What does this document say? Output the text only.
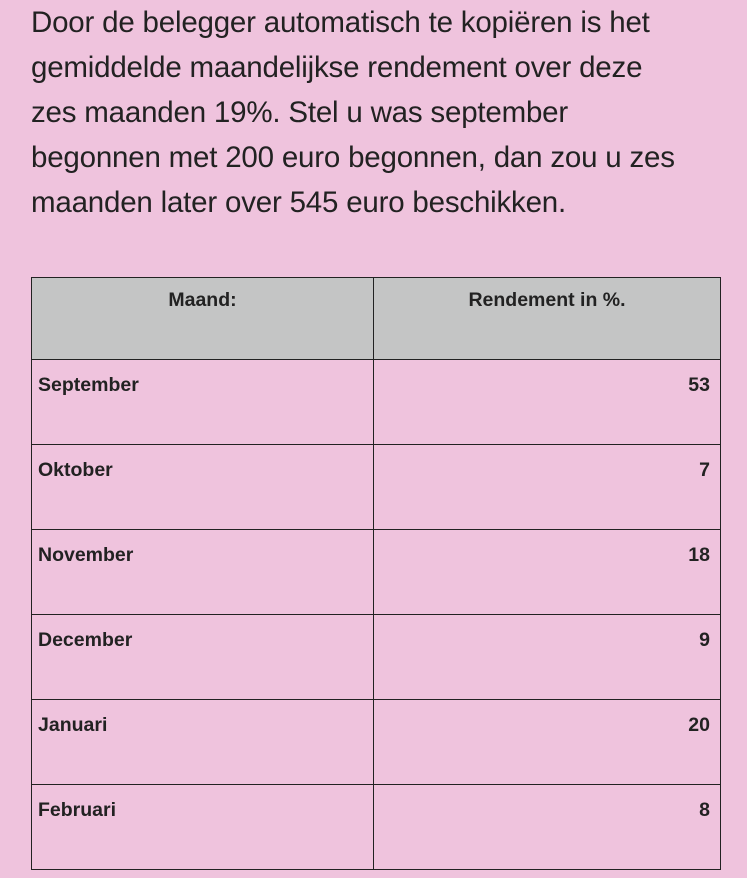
Door de belegger automatisch te kopiëren is het
gemiddelde maandelijkse rendement over deze
zes maanden 19%. Stel u was september
begonnen met 200 euro begonnen, dan zou u zes
maanden later over 545 euro beschikken.
Maand:	Rendement in %.
September	53
Oktober	7
November	18
December	9
Januari	20
Februari	8
